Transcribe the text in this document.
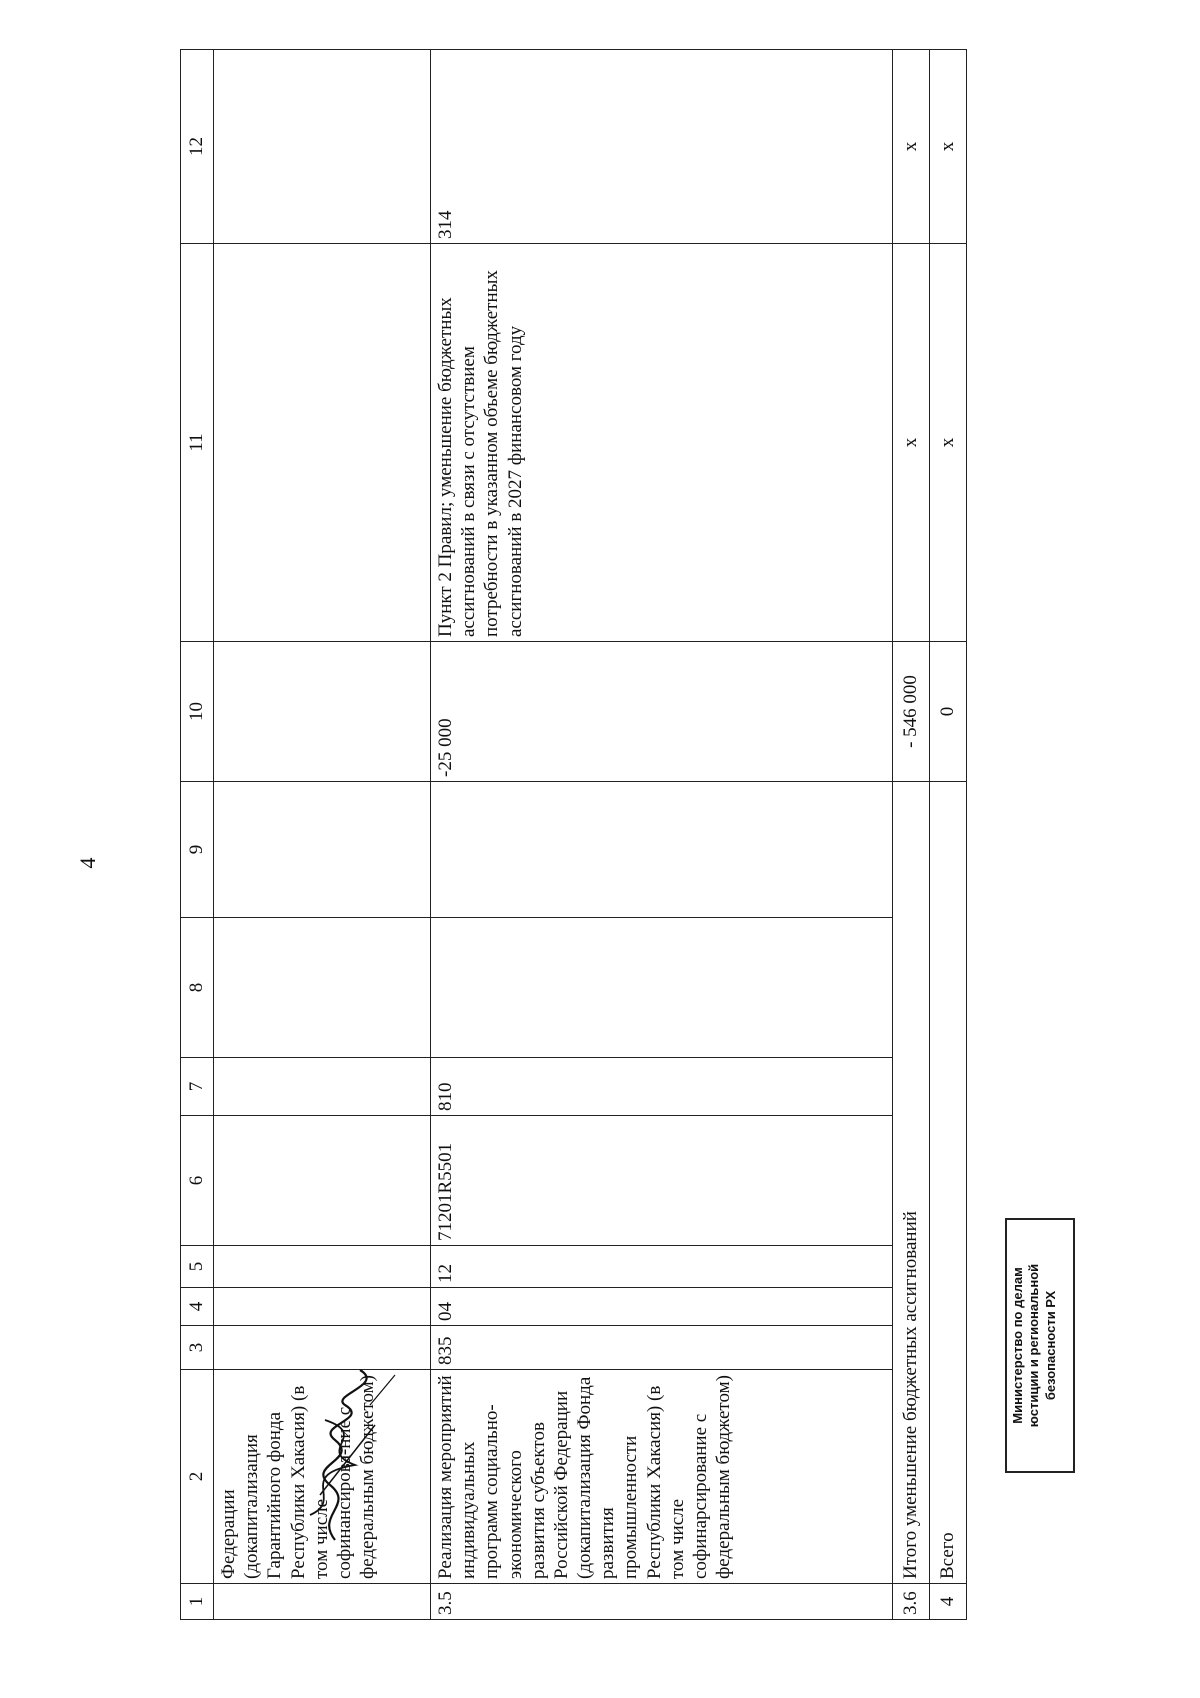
4
1	2	3	4	5	6	7	8	9	10	11	12
	Федерации (докапитализация Гарантийного фонда Республики Хакасия) (в том числе софинансирова-ние с федеральным бюджетом)										
3.5	Реализация мероприятий индивидуальных программ социально-экономического развития субъектов Российской Федерации (докапитализация Фонда развития промышленности Республики Хакасия) (в том числе софинарсирование с федеральным бюджетом)	835	04	12	71201R5501	810			-25 000	Пункт 2 Правил; уменьшение бюджетных ассигнований в связи с отсутствием потребности в указанном объеме бюджетных ассигнований в 2027 финансовом году	314
3.6	Итого уменьшение бюджетных ассигнований								- 546 000	х	х
4	Всего								0	х	х
Министерство по делам юстиции и региональной безопасности РХ
